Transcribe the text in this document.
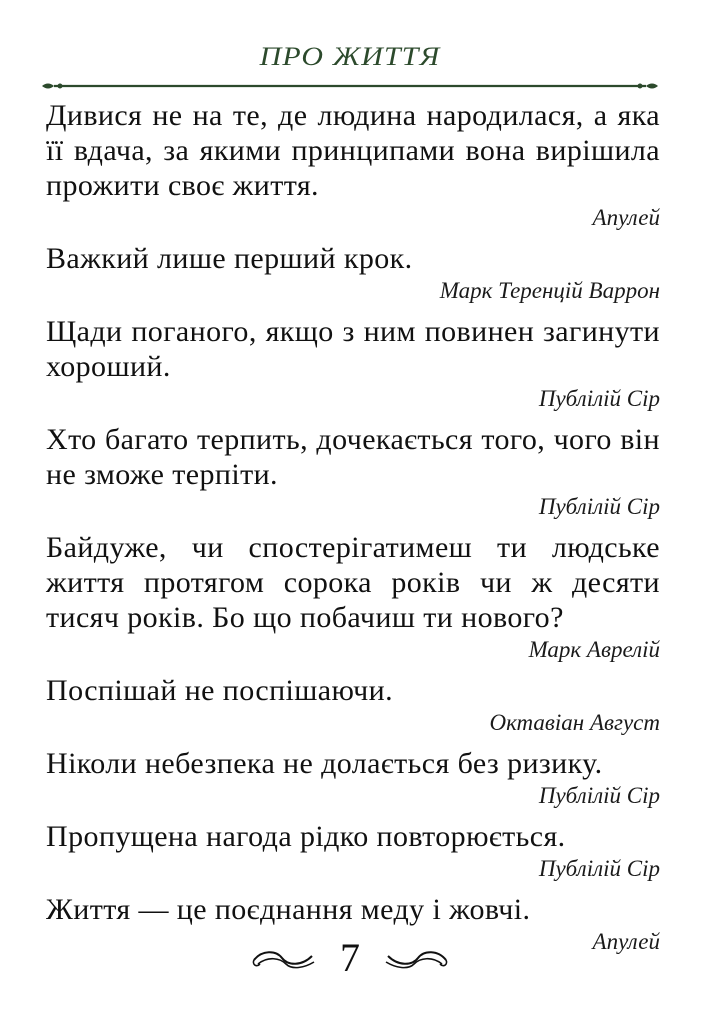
ПРО ЖИТТЯ

Дивися не на те, де людина народилася, а яка її вдача, за якими принципами вона вирішила прожити своє життя.

Апулей

Важкий лише перший крок.

Марк Теренцій Варрон

Щади поганого, якщо з ним повинен загинути хороший.

Публілій Сір

Хто багато терпить, дочекається того, чого він не зможе терпіти.

Публілій Сір

Байдуже, чи спостерігатимеш ти людське життя протягом сорока років чи ж десяти тисяч років. Бо що побачиш ти нового?

Марк Аврелій

Поспішай не поспішаючи.

Октавіан Август

Ніколи небезпека не долається без ризику.

Публілій Сір

Пропущена нагода рідко повторюється.

Публілій Сір

Життя — це поєднання меду і жовчі.

Апулей

7
